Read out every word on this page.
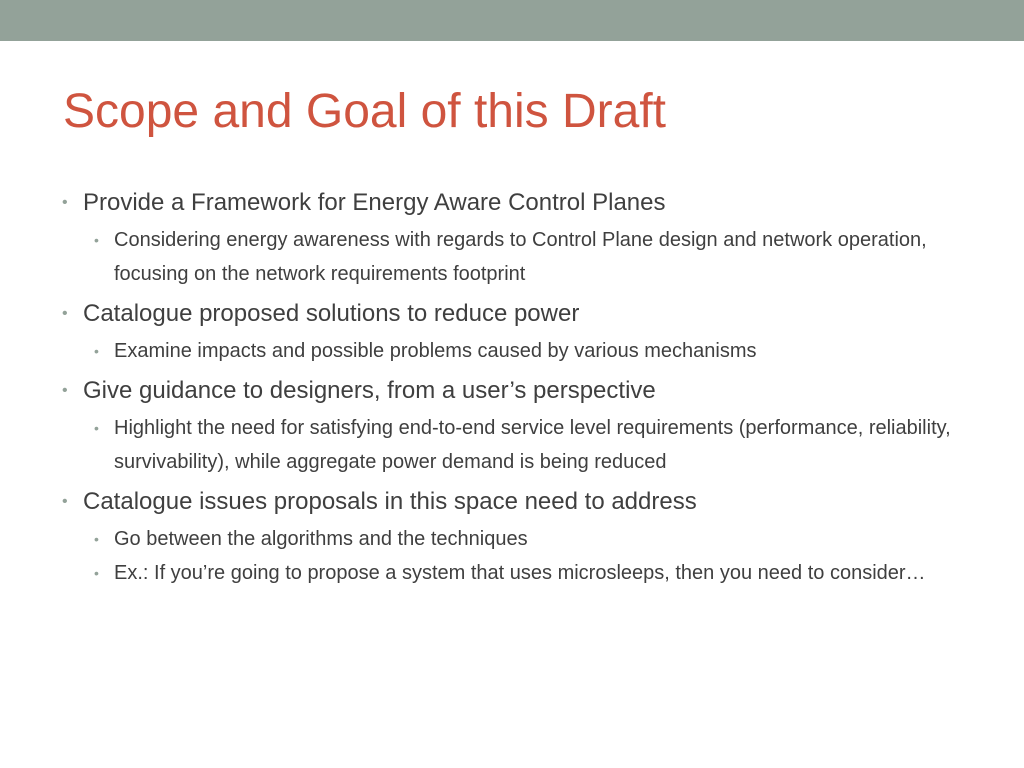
Scope and Goal of this Draft
• Provide a Framework for Energy Aware Control Planes
• Considering energy awareness with regards to Control Plane design and network operation, focusing on the network requirements footprint
• Catalogue proposed solutions to reduce power
• Examine impacts and possible problems caused by various mechanisms
• Give guidance to designers, from a user’s perspective
• Highlight the need for satisfying end-to-end service level requirements (performance, reliability, survivability), while aggregate power demand is being reduced
• Catalogue issues proposals in this space need to address
• Go between the algorithms and the techniques
• Ex.: If you’re going to propose a system that uses microsleeps, then you need to consider…
